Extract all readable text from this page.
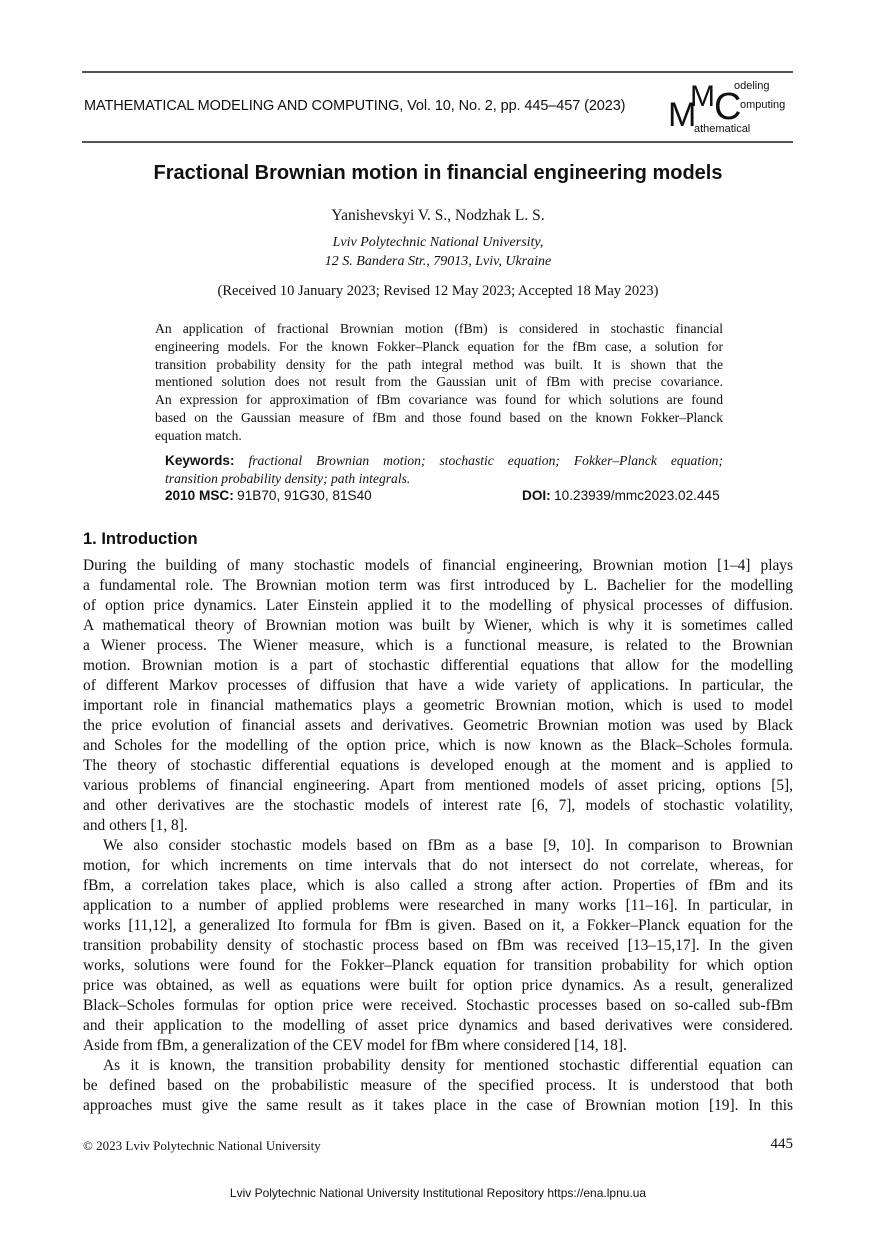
MATHEMATICAL MODELING AND COMPUTING, Vol. 10, No. 2, pp. 445–457 (2023) M
M C
odeling
omputing
athematical
Fractional Brownian motion in financial engineering models
Yanishevskyi V. S., Nodzhak L. S.
Lviv Polytechnic National University,
12 S. Bandera Str., 79013, Lviv, Ukraine
(Received 10 January 2023; Revised 12 May 2023; Accepted 18 May 2023)
An application of fractional Brownian motion (fBm) is considered in stochastic financial
engineering models. For the known Fokker–Planck equation for the fBm case, a solution for
transition probability density for the path integral method was built. It is shown that the
mentioned solution does not result from the Gaussian unit of fBm with precise covariance.
An expression for approximation of fBm covariance was found for which solutions are found
based on the Gaussian measure of fBm and those found based on the known Fokker–Planck
equation match.
Keywords: fractional Brownian motion; stochastic equation; Fokker–Planck equation;
transition probability density; path integrals.
2010 MSC: 91B70, 91G30, 81S40	DOI: 10.23939/mmc2023.02.445
1. Introduction
During the building of many stochastic models of financial engineering, Brownian motion [1–4] plays
a fundamental role. The Brownian motion term was first introduced by L. Bachelier for the modelling
of option price dynamics. Later Einstein applied it to the modelling of physical processes of diffusion.
A mathematical theory of Brownian motion was built by Wiener, which is why it is sometimes called
a Wiener process. The Wiener measure, which is a functional measure, is related to the Brownian
motion. Brownian motion is a part of stochastic differential equations that allow for the modelling
of different Markov processes of diffusion that have a wide variety of applications. In particular, the
important role in financial mathematics plays a geometric Brownian motion, which is used to model
the price evolution of financial assets and derivatives. Geometric Brownian motion was used by Black
and Scholes for the modelling of the option price, which is now known as the Black–Scholes formula.
The theory of stochastic differential equations is developed enough at the moment and is applied to
various problems of financial engineering. Apart from mentioned models of asset pricing, options [5],
and other derivatives are the stochastic models of interest rate [6, 7], models of stochastic volatility,
and others [1, 8].
We also consider stochastic models based on fBm as a base [9, 10]. In comparison to Brownian
motion, for which increments on time intervals that do not intersect do not correlate, whereas, for
fBm, a correlation takes place, which is also called a strong after action. Properties of fBm and its
application to a number of applied problems were researched in many works [11–16]. In particular, in
works [11,12], a generalized Ito formula for fBm is given. Based on it, a Fokker–Planck equation for the
transition probability density of stochastic process based on fBm was received [13–15,17]. In the given
works, solutions were found for the Fokker–Planck equation for transition probability for which option
price was obtained, as well as equations were built for option price dynamics. As a result, generalized
Black–Scholes formulas for option price were received. Stochastic processes based on so-called sub-fBm
and their application to the modelling of asset price dynamics and based derivatives were considered.
Aside from fBm, a generalization of the CEV model for fBm where considered [14, 18].
As it is known, the transition probability density for mentioned stochastic differential equation can
be defined based on the probabilistic measure of the specified process. It is understood that both
approaches must give the same result as it takes place in the case of Brownian motion [19]. In this
© 2023 Lviv Polytechnic National University	445
Lviv Polytechnic National University Institutional Repository https://ena.lpnu.ua
